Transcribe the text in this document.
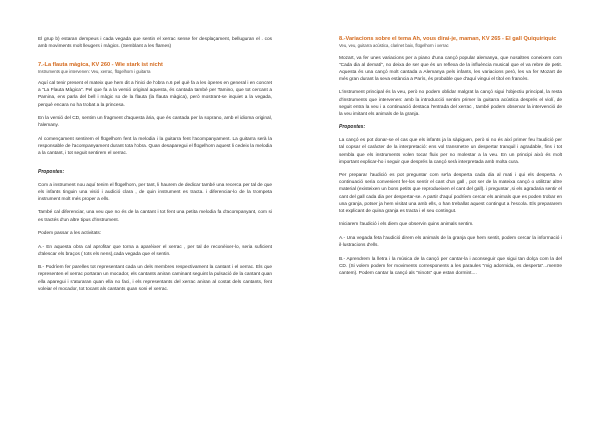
El grup b) estaran dempeus i cada vegada que sentin el xerrac sense fer desplaçament, belluguran el . cos amb moviments molt lleugers i màgics. (Semblant a les flames)

7.-La flauta màgica, KV 260 - Wie stark ist nicht
Instruments que intervenen: Veu, xerrac, flügelhorn i guitarra

Aquí cal tenir present el mateix que hem dit a l'inici de l'obra n.6 pel què fa a les òperes en general i en concret a "La Flauta Màgica". Pel que fa a la versió original aquesta, és cantada també per Tamino, que tot cercant a Pamina, ens parla del bell i màgic so de la flauta (la flauta màgica), però mostrant-se inquiet a la vegada, perquè encara no ha trobat a la princesa.

En la versió del CD, sentim un fragment d'aquesta ària, que és cantada per la soprano, amb el idioma original, l'alemany.

Al començament sentirem el flügelhorn fent la melodia i la guitarra fent l'acompanyament. La guitarra serà la responsable de l'acompanyament durant tota l'obra. Quan desaparegui el flügelhorn aquest li cedeix la melodia a la cantant, i tot seguit sentirem el xerrac.

Propostes:

Com a instrument nou aquí tenim el flügelhorn, per tant, li haurem de dedicar també una recerca per tal de que els infants tinguin una visió i audició clara , de quin instrument es tracta. i diferenciar-lo de la trompeta instrument molt més proper a ells.

També cal diferenciar, una veu que no és de la cantant i tot fent una petita melodia fa d'acompanyant, com si es tractés d'un altre tipus d'instrument.

Podem passar a les activitats:

A.- En aquesta obra cal aprofitar que torna a aparèixer el xerrac , per tal de reconèixer-lo, seria suficient d'alescar els braços ( tots els nens),cada vegada que el sentin.

B.- Podríem fer parelles tot representant cada un dels membres respectivament la cantant i el xerrac. Els que representen el xerrac portaran un mocador, els cantants aniran caminant seguint la pulsació de la cantant quan ella aparegui i s'aturaran quan ella no faci, i els representants del xerrac aniran al costat dels cantants, fent voleiar el mocador, tot tocant als cantants quan soni el xerrac.

8.-Variacions sobre el tema Ah, vous dirai-je, maman, KV 265 - El gall Quiquiriquic
Veu, veu, guitarra acústica, clarinet baix, flügelhorn i xerrac

Mozart, va fer unes variacions per a piano d'una cançó popular alemanya, que nosaltres coneixem com "Cada dia al dematí", no deixa de ser que és un reflexa de la influència musical que el va rebre de petit. Aquesta és una cançó molt cantada a Alemanya pels infants, les variacions però, les va fer Mozart de més gran durant la seva estància a París, és probable que d'aquí vingui el títol en francès.

L'instrument principal és la veu, però no podem oblidar malgrat la cançó sigui l'objectiu principal, la resta d'instruments que intervenen: amb la introducció sentim primer la guitarra acústica després el violí, de seguit entra la veu i a continuació destaca l'entrada del xerrac , també podem observar la intervenció de la veu imitant els animals de la granja.

Propostes:

La cançó es pot donar-se el cas que els infants ja la sàpiguen, però si no és així primer feu l'audició per tal copsar el caràcter de la interpretació: ens vol transmetre un despertar tranquil i agradable, fins i tot sembla que els instruments volen tocar fluix per no molestar a la veu. En un principi això és molt important explicar-ho i seguir que després la cançó serà interpretada amb molta cura.

Per preparar l'audició es pot preguntar com se'la desperta cada dia al mati i qui els desperta. A continuació seria convenient fer-los sentir el cant d'un gall , pot ser de la mateixa cançó o utilitzar altre material (existeixen un bons petits que reprodueixen el cant del gall). i preguntar ,si els agradaria sentir el cant del gall cada dia per despertar-se. A partir d'aquí podríem cercar els animals que es poden trobar en una granja, potser ja hem visitat una amb ells, o han treballat aquest contingut a l'escola. Els prepararem tot explicant de quina granja es tracta i el seu contingut.

Iniciarem l'audició i els diem que observin quins animals sentim.

A.- Una vegada feta l'audició direm els animals de la granja que hem sentit, podem cercar la informació i il·lustracions d'ells.

B.- Aprendrem la lletra i la música de la cançó per cantar-la i aconseguir que sigui tan dolça com la del CD. (Si volem podem fer moviments corresponents a les paraules "mig adormida, es desperta"...mentre cantem). Podem cantar la cançó als "ninots" que estan dormint....
